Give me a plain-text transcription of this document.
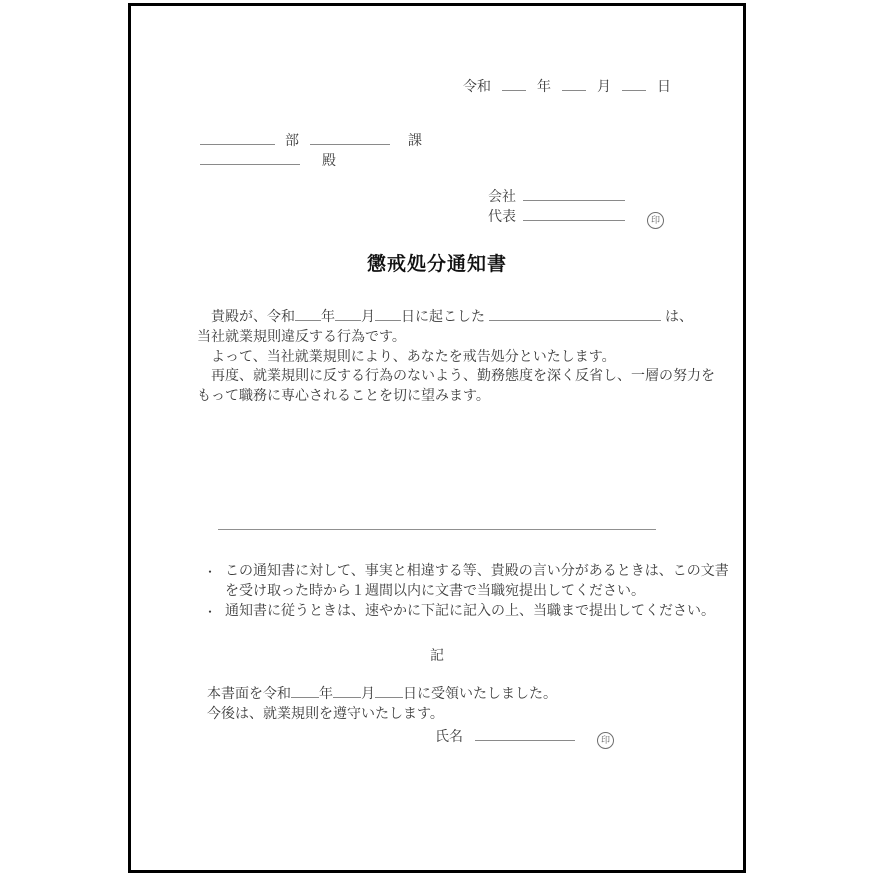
令和	年	月	日
部	課
殿
会社
代表	印
懲戒処分通知書
貴殿が、令和 年 月 日に起こした	は、
当社就業規則違反する行為です。
よって、当社就業規則により、あなたを戒告処分といたします。
再度、就業規則に反する行為のないよう、勤務態度を深く反省し、一層の努力を
もって職務に専心されることを切に望みます。
・ この通知書に対して、事実と相違する等、貴殿の言い分があるときは、この文書
を受け取った時から１週間以内に文書で当職宛提出してください。
・ 通知書に従うときは、速やかに下記に記入の上、当職まで提出してください。
記
本書面を令和 年 月 日に受領いたしました。
今後は、就業規則を遵守いたします。
氏名	印
